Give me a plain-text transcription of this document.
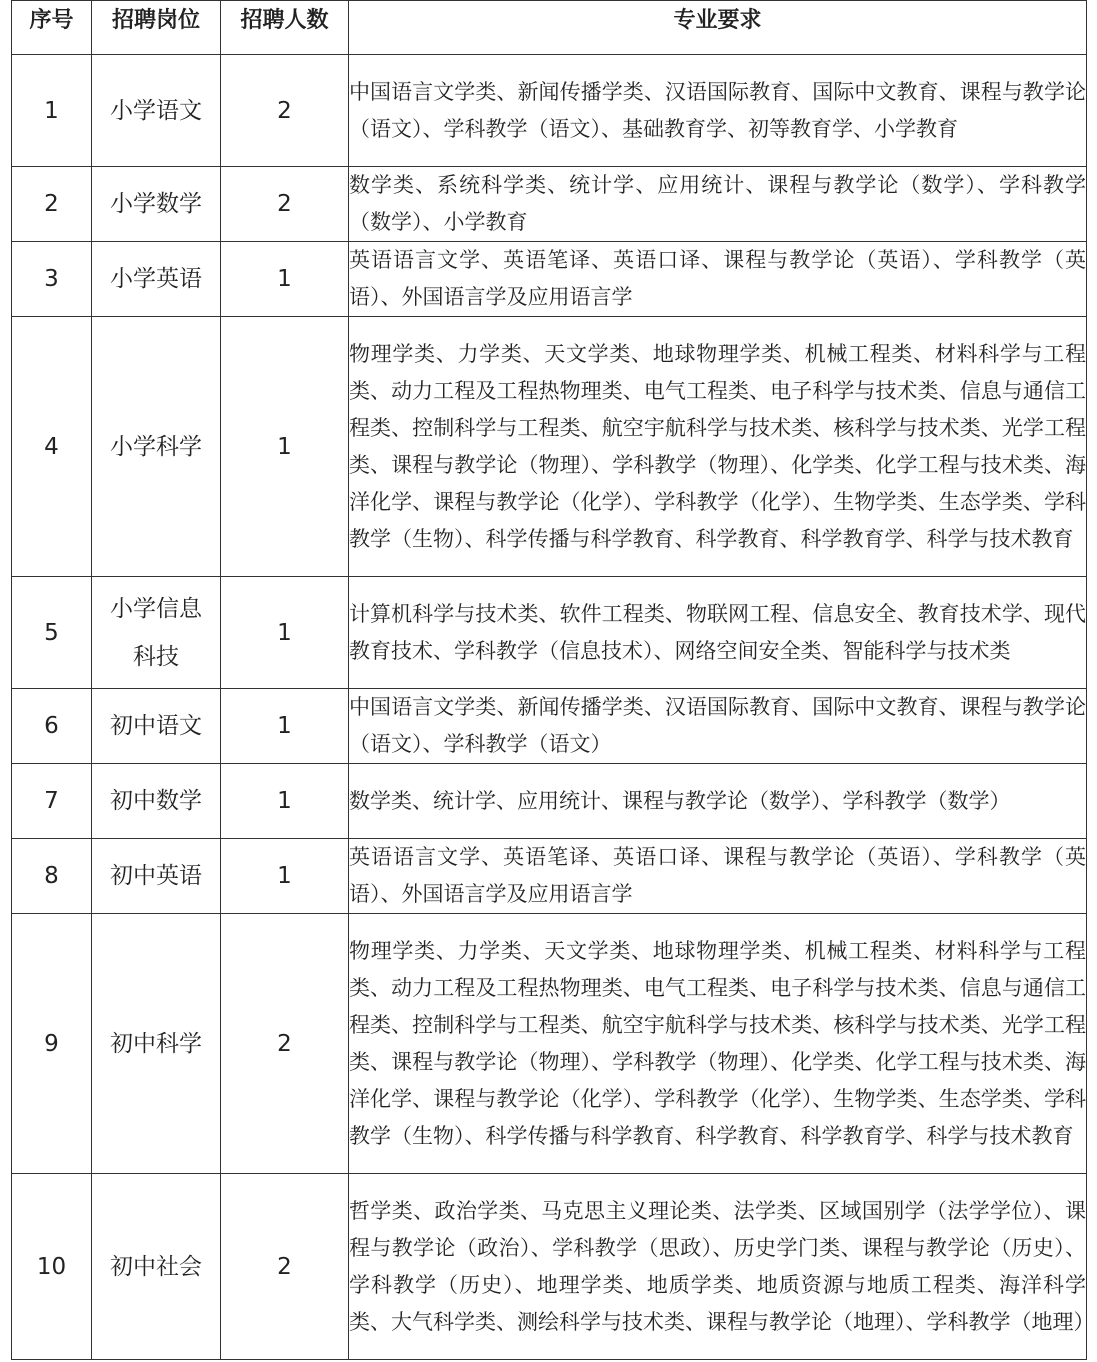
序号	招聘岗位	招聘人数	专业要求
1	小学语文	2	中国语言文学类、新闻传播学类、汉语国际教育、国际中文教育、课程与教学论（语文）、学科教学（语文）、基础教育学、初等教育学、小学教育
2	小学数学	2	数学类、系统科学类、统计学、应用统计、课程与教学论（数学）、学科教学（数学）、小学教育
3	小学英语	1	英语语言文学、英语笔译、英语口译、课程与教学论（英语）、学科教学（英语）、外国语言学及应用语言学
4	小学科学	1	物理学类、力学类、天文学类、地球物理学类、机械工程类、材料科学与工程类、动力工程及工程热物理类、电气工程类、电子科学与技术类、信息与通信工程类、控制科学与工程类、航空宇航科学与技术类、核科学与技术类、光学工程类、课程与教学论（物理）、学科教学（物理）、化学类、化学工程与技术类、海洋化学、课程与教学论（化学）、学科教学（化学）、生物学类、生态学类、学科教学（生物）、科学传播与科学教育、科学教育、科学教育学、科学与技术教育
5	小学信息科技	1	计算机科学与技术类、软件工程类、物联网工程、信息安全、教育技术学、现代教育技术、学科教学（信息技术）、网络空间安全类、智能科学与技术类
6	初中语文	1	中国语言文学类、新闻传播学类、汉语国际教育、国际中文教育、课程与教学论（语文）、学科教学（语文）
7	初中数学	1	数学类、统计学、应用统计、课程与教学论（数学）、学科教学（数学）
8	初中英语	1	英语语言文学、英语笔译、英语口译、课程与教学论（英语）、学科教学（英语）、外国语言学及应用语言学
9	初中科学	2	物理学类、力学类、天文学类、地球物理学类、机械工程类、材料科学与工程类、动力工程及工程热物理类、电气工程类、电子科学与技术类、信息与通信工程类、控制科学与工程类、航空宇航科学与技术类、核科学与技术类、光学工程类、课程与教学论（物理）、学科教学（物理）、化学类、化学工程与技术类、海洋化学、课程与教学论（化学）、学科教学（化学）、生物学类、生态学类、学科教学（生物）、科学传播与科学教育、科学教育、科学教育学、科学与技术教育
10	初中社会	2	哲学类、政治学类、马克思主义理论类、法学类、区域国别学（法学学位）、课程与教学论（政治）、学科教学（思政）、历史学门类、课程与教学论（历史）、学科教学（历史）、地理学类、地质学类、地质资源与地质工程类、海洋科学类、大气科学类、测绘科学与技术类、课程与教学论（地理）、学科教学（地理）
